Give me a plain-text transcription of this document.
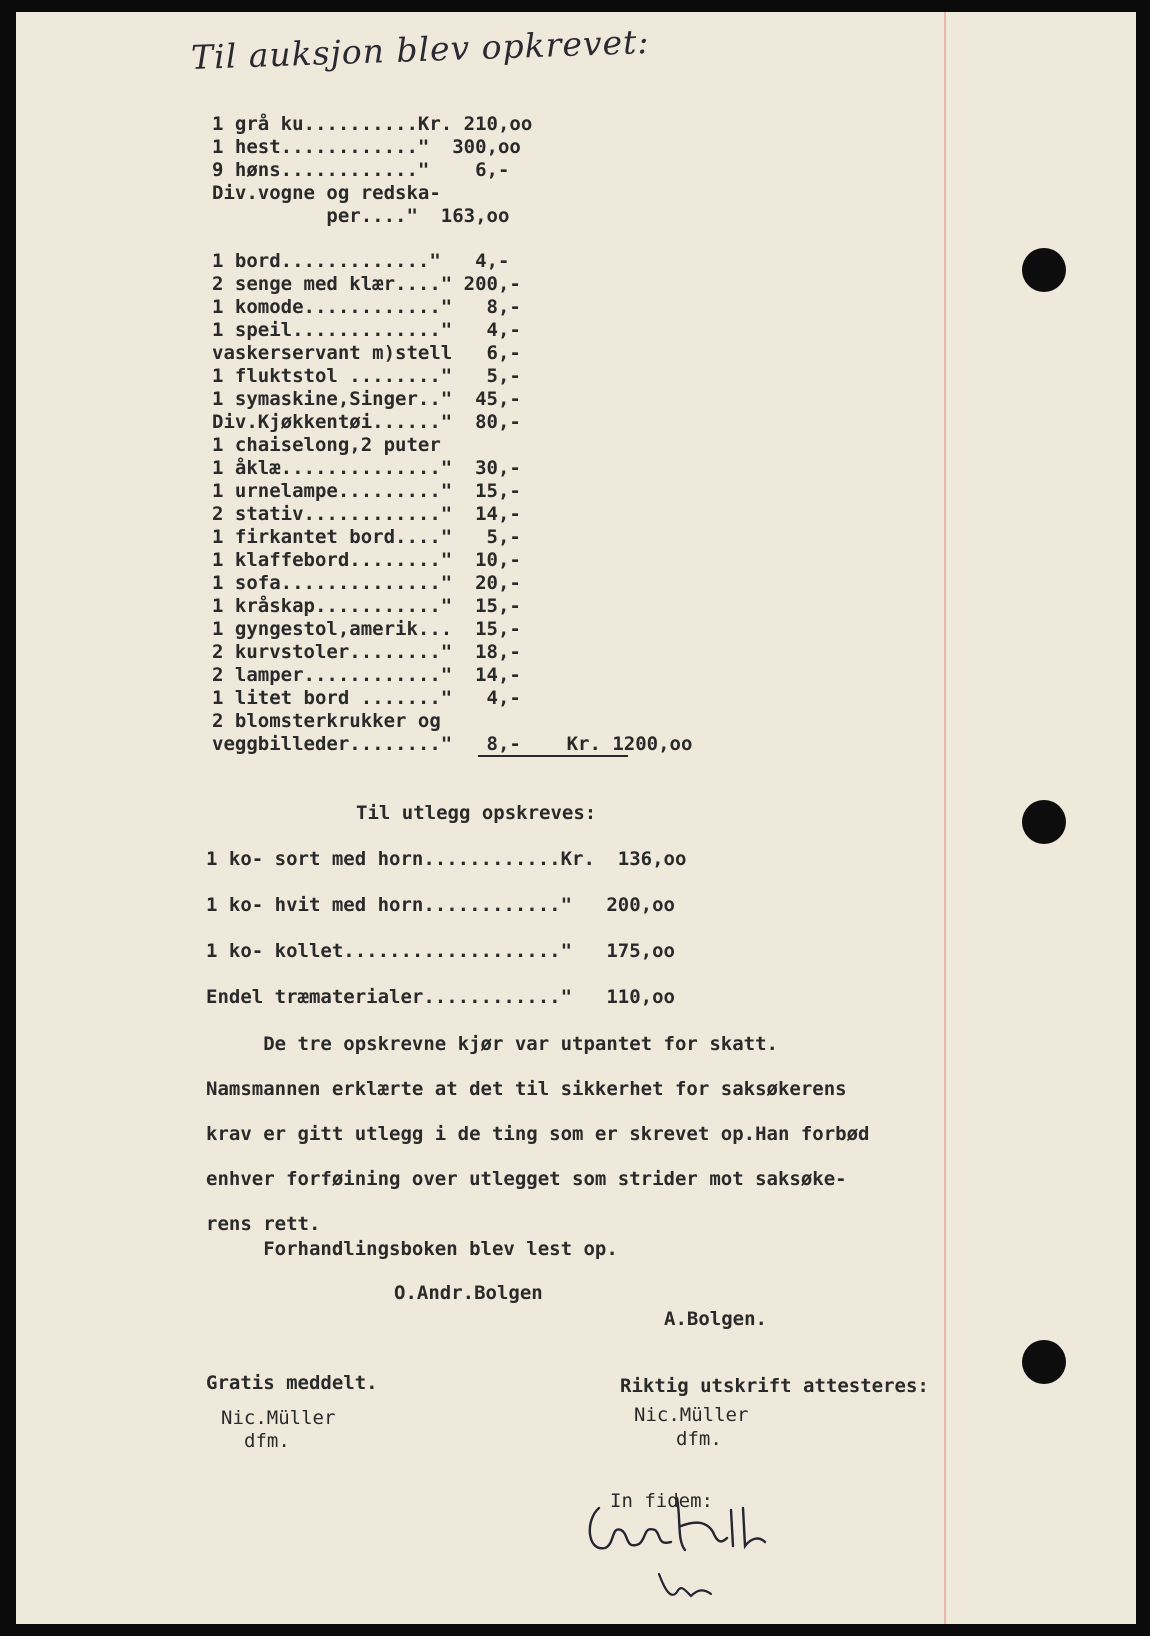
Til auksjon blev opkrevet:
1 grå ku..........Kr. 210,oo
1 hest............"  300,oo
9 høns............"    6,-
Div.vogne og redska-
per...."  163,oo
1 bord............."   4,-
2 senge med klær...." 200,-
1 komode............"   8,-
1 speil............."   4,-
vaskerservant m)stell   6,-
1 fluktstol ........"   5,-
1 symaskine,Singer.."  45,-
Div.Kjøkkentøi......"  80,-
1 chaiselong,2 puter
1 åklæ.............."  30,-
1 urnelampe........."  15,-
2 stativ............"  14,-
1 firkantet bord...."   5,-
1 klaffebord........"  10,-
1 sofa.............."  20,-
1 kråskap..........."  15,-
1 gyngestol,amerik...  15,-
2 kurvstoler........"  18,-
2 lamper............"  14,-
1 litet bord ......."   4,-
2 blomsterkrukker og
veggbilleder........"   8,-    Kr. 1200,oo
Til utlegg opskreves:
1 ko- sort med horn............Kr.  136,oo
1 ko- hvit med horn............"   200,oo
1 ko- kollet..................."   175,oo
Endel træmaterialer............"   110,oo
De tre opskrevne kjør var utpantet for skatt.
Namsmannen erklærte at det til sikkerhet for saksøkerens
krav er gitt utlegg i de ting som er skrevet op.Han forbød
enhver forføining over utlegget som strider mot saksøke-
rens rett.
Forhandlingsboken blev lest op.
O.Andr.Bolgen
A.Bolgen.
Gratis meddelt.
Nic.Müller
dfm.
Riktig utskrift attesteres:
Nic.Müller
dfm.
In fidem:
